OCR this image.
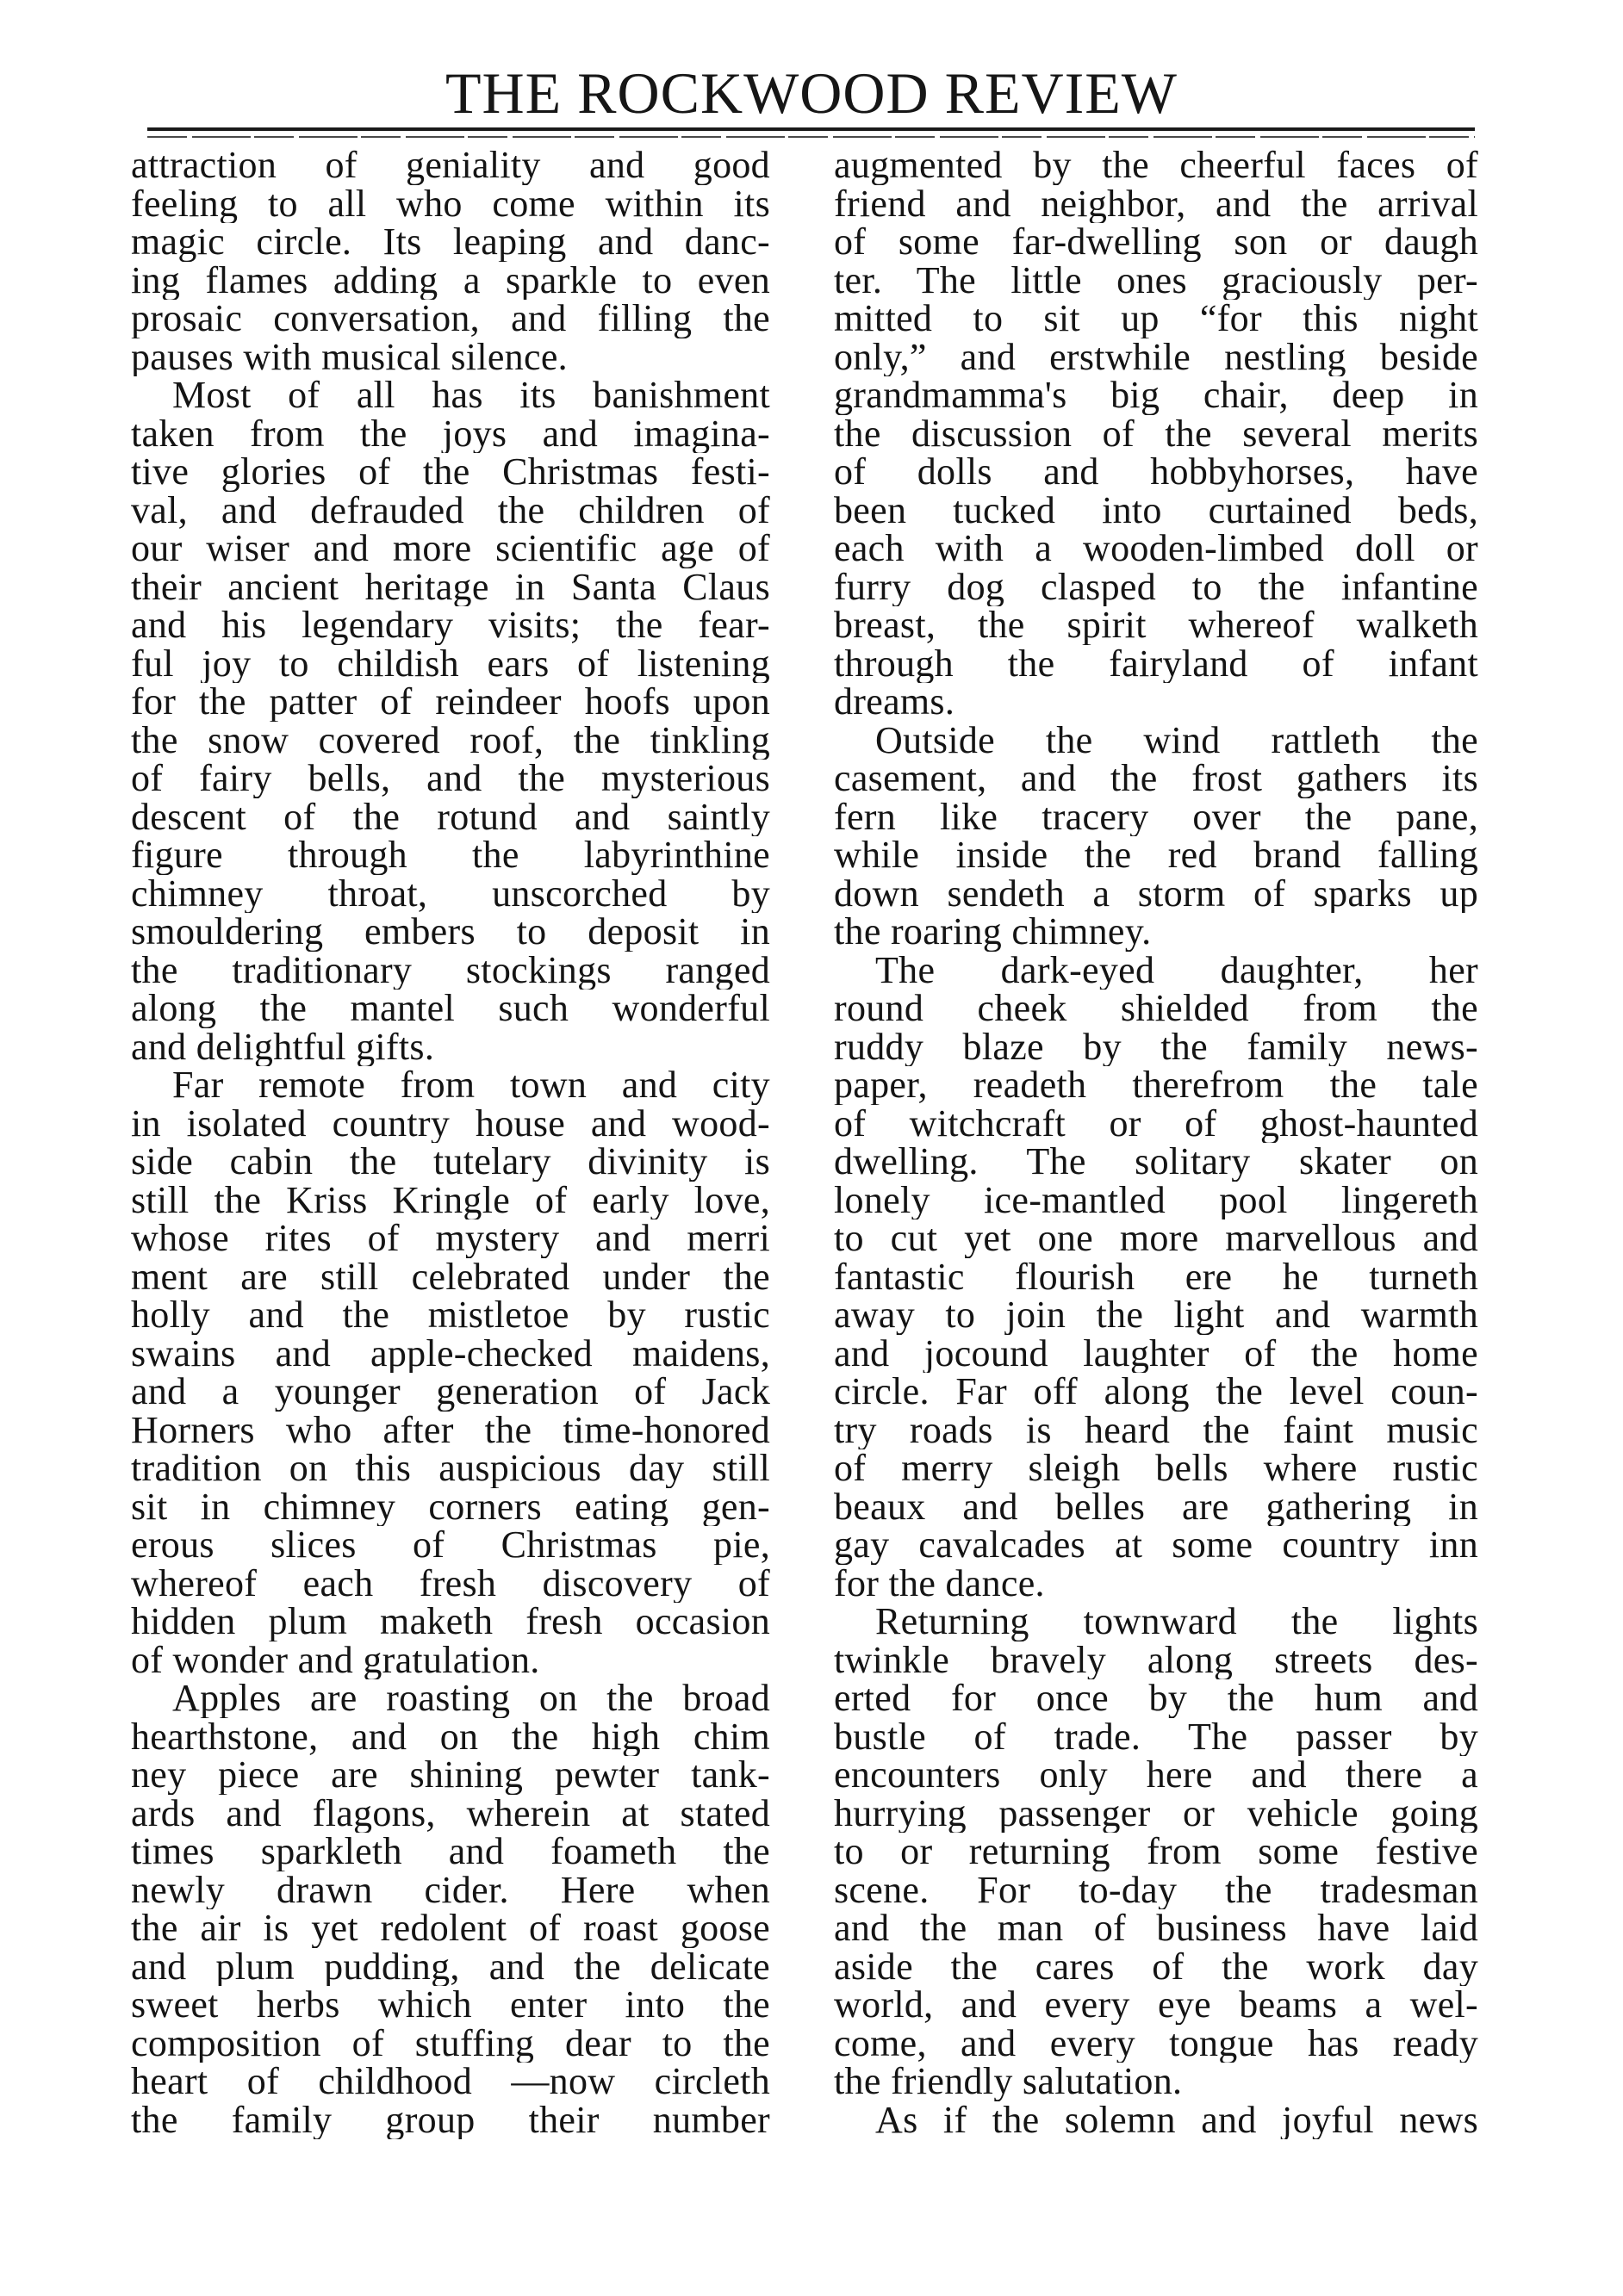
THE ROCKWOOD REVIEW
attraction of geniality and good
feeling to all who come within its
magic circle. Its leaping and danc-
ing flames adding a sparkle to even
prosaic conversation, and filling the
pauses with musical silence.
Most of all has its banishment
taken from the joys and imagina-
tive glories of the Christmas festi-
val, and defrauded the children of
our wiser and more scientific age of
their ancient heritage in Santa Claus
and his legendary visits; the fear-
ful joy to childish ears of listening
for the patter of reindeer hoofs upon
the snow covered roof, the tinkling
of fairy bells, and the mysterious
descent of the rotund and saintly
figure through the labyrinthine
chimney throat, unscorched by
smouldering embers to deposit in
the traditionary stockings ranged
along the mantel such wonderful
and delightful gifts.
Far remote from town and city
in isolated country house and wood-
side cabin the tutelary divinity is
still the Kriss Kringle of early love,
whose rites of mystery and merri
ment are still celebrated under the
holly and the mistletoe by rustic
swains and apple-checked maidens,
and a younger generation of Jack
Horners who after the time-honored
tradition on this auspicious day still
sit in chimney corners eating gen-
erous slices of Christmas pie,
whereof each fresh discovery of
hidden plum maketh fresh occasion
of wonder and gratulation.
Apples are roasting on the broad
hearthstone, and on the high chim
ney piece are shining pewter tank-
ards and flagons, wherein at stated
times sparkleth and foameth the
newly drawn cider. Here when
the air is yet redolent of roast goose
and plum pudding, and the delicate
sweet herbs which enter into the
composition of stuffing dear to the
heart of childhood —now circleth
the family group their number
augmented by the cheerful faces of
friend and neighbor, and the arrival
of some far-dwelling son or daugh
ter. The little ones graciously per-
mitted to sit up “for this night
only,” and erstwhile nestling beside
grandmamma's big chair, deep in
the discussion of the several merits
of dolls and hobbyhorses, have
been tucked into curtained beds,
each with a wooden-limbed doll or
furry dog clasped to the infantine
breast, the spirit whereof walketh
through the fairyland of infant
dreams.
Outside the wind rattleth the
casement, and the frost gathers its
fern like tracery over the pane,
while inside the red brand falling
down sendeth a storm of sparks up
the roaring chimney.
The dark-eyed daughter, her
round cheek shielded from the
ruddy blaze by the family news-
paper, readeth therefrom the tale
of witchcraft or of ghost-haunted
dwelling. The solitary skater on
lonely ice-mantled pool lingereth
to cut yet one more marvellous and
fantastic flourish ere he turneth
away to join the light and warmth
and jocound laughter of the home
circle. Far off along the level coun-
try roads is heard the faint music
of merry sleigh bells where rustic
beaux and belles are gathering in
gay cavalcades at some country inn
for the dance.
Returning townward the lights
twinkle bravely along streets des-
erted for once by the hum and
bustle of trade. The passer by
encounters only here and there a
hurrying passenger or vehicle going
to or returning from some festive
scene. For to-day the tradesman
and the man of business have laid
aside the cares of the work day
world, and every eye beams a wel-
come, and every tongue has ready
the friendly salutation.
As if the solemn and joyful news
